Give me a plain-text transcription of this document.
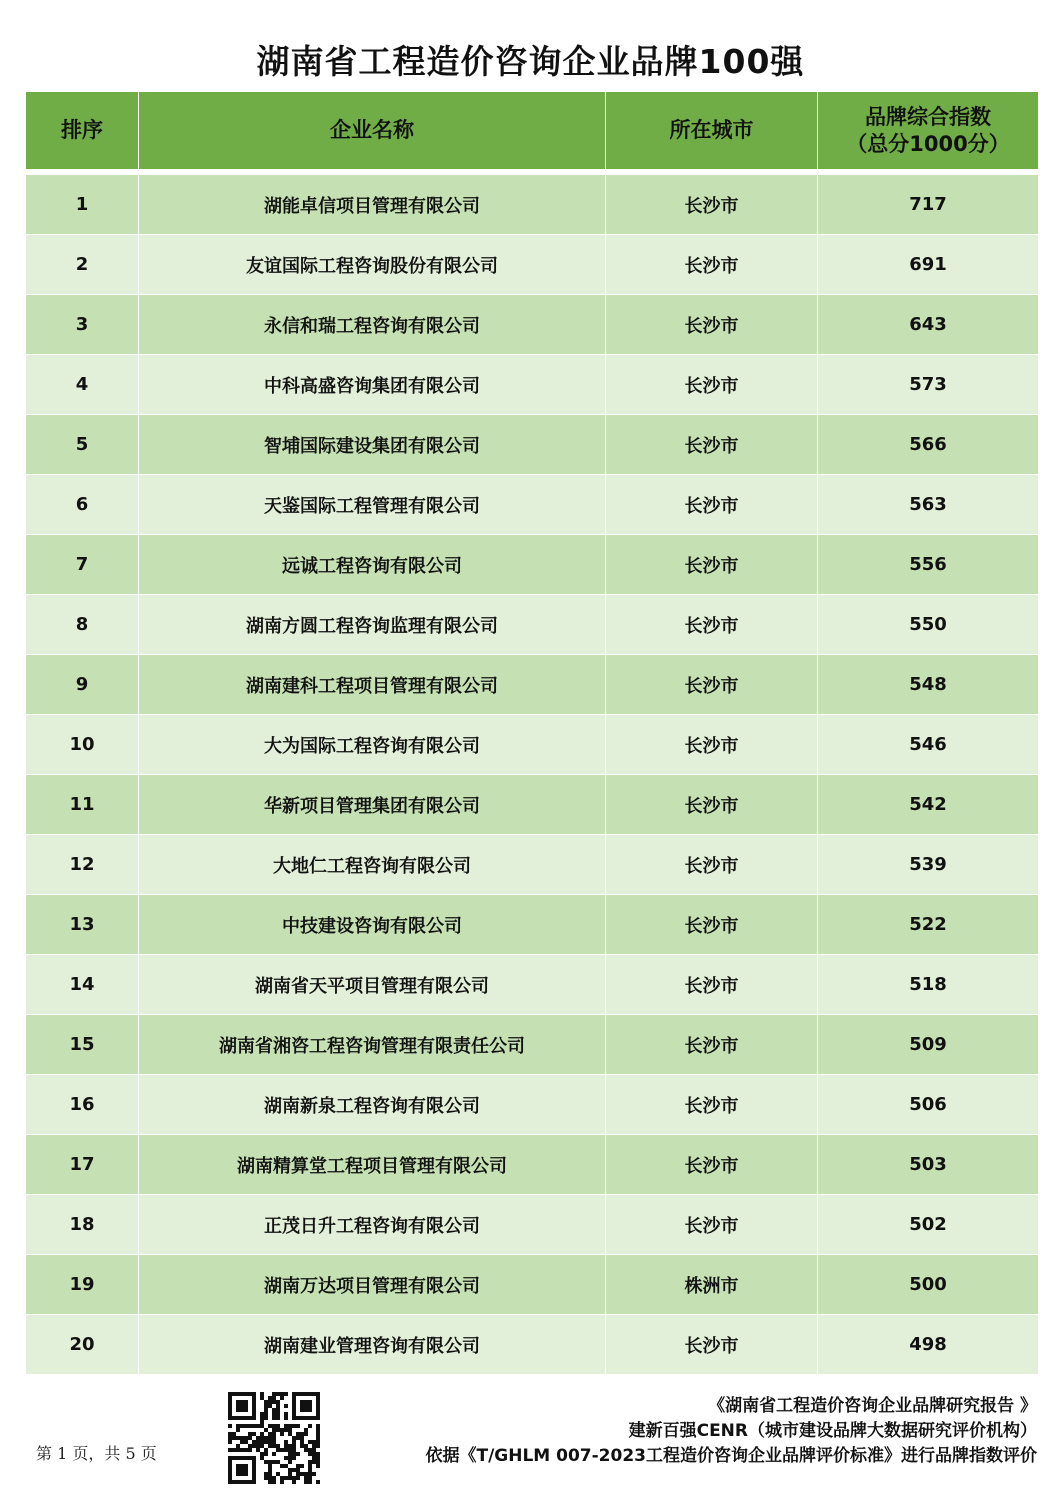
湖南省工程造价咨询企业品牌100强
排序	企业名称	所在城市	品牌综合指数
（总分1000分）

1	湖能卓信项目管理有限公司	长沙市	717
2	友谊国际工程咨询股份有限公司	长沙市	691
3	永信和瑞工程咨询有限公司	长沙市	643
4	中科高盛咨询集团有限公司	长沙市	573
5	智埔国际建设集团有限公司	长沙市	566
6	天鉴国际工程管理有限公司	长沙市	563
7	远诚工程咨询有限公司	长沙市	556
8	湖南方圆工程咨询监理有限公司	长沙市	550
9	湖南建科工程项目管理有限公司	长沙市	548
10	大为国际工程咨询有限公司	长沙市	546
11	华新项目管理集团有限公司	长沙市	542
12	大地仁工程咨询有限公司	长沙市	539
13	中技建设咨询有限公司	长沙市	522
14	湖南省天平项目管理有限公司	长沙市	518
15	湖南省湘咨工程咨询管理有限责任公司	长沙市	509
16	湖南新泉工程咨询有限公司	长沙市	506
17	湖南精算堂工程项目管理有限公司	长沙市	503
18	正茂日升工程咨询有限公司	长沙市	502
19	湖南万达项目管理有限公司	株洲市	500
20	湖南建业管理咨询有限公司	长沙市	498
第 1 页，共 5 页
《湖南省工程造价咨询企业品牌研究报告 》
建新百强CENR（城市建设品牌大数据研究评价机构）
依据《T/GHLM 007-2023工程造价咨询企业品牌评价标准》进行品牌指数评价
